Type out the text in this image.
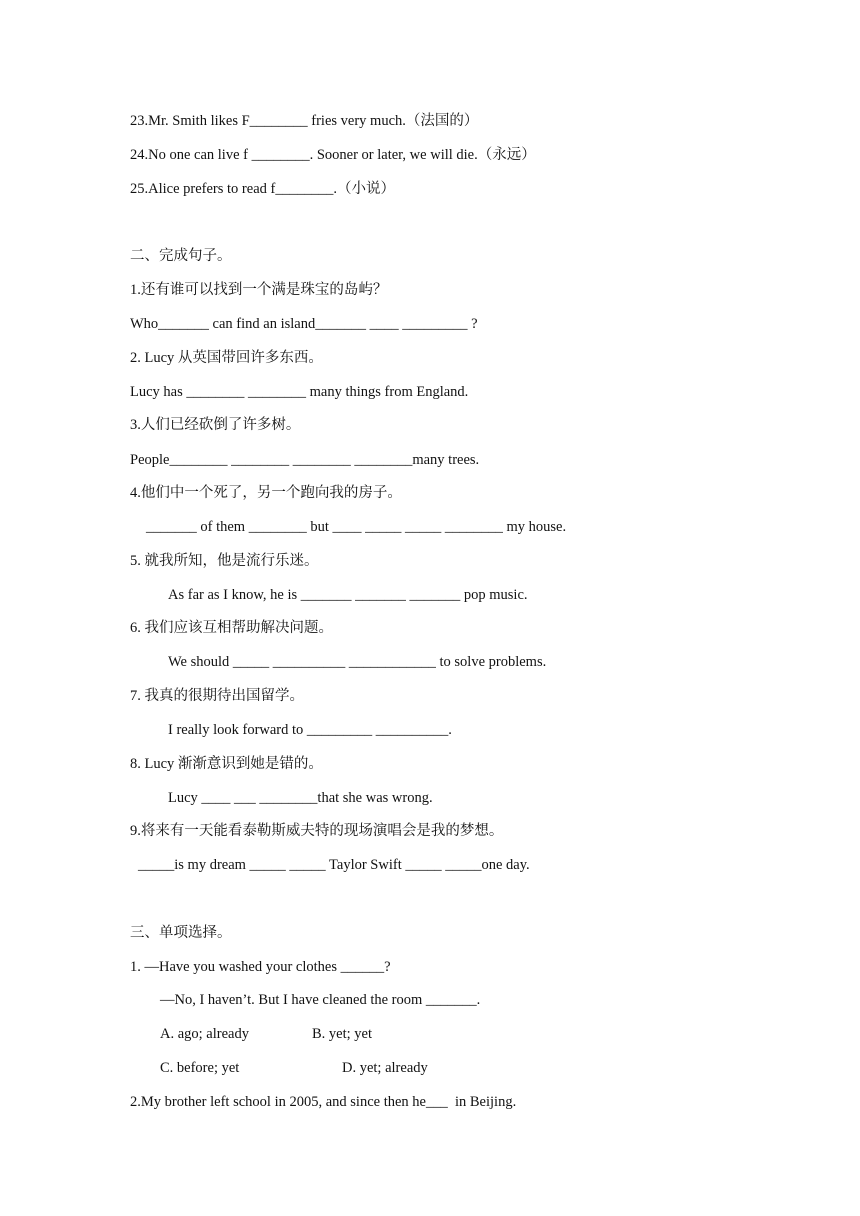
23.Mr. Smith likes F________ fries very much.（法国的）
24.No one can live f ________. Sooner or later, we will die.（永远）
25.Alice prefers to read f________.（小说）
二、完成句子。
1.还有谁可以找到一个满是珠宝的岛屿？
Who_______ can find an island_______ ____ _________ ?
2. Lucy 从英国带回许多东西。
Lucy has ________ ________ many things from England.
3.人们已经砍倒了许多树。
People________ ________ ________ ________many trees.
4.他们中一个死了，另一个跑向我的房子。
_______ of them ________ but ____ _____ _____ ________ my house.
5. 就我所知，他是流行乐迷。
As far as I know, he is _______ _______ _______ pop music.
6. 我们应该互相帮助解决问题。
We should _____ __________ ____________ to solve problems.
7. 我真的很期待出国留学。
I really look forward to _________ __________.
8. Lucy 渐渐意识到她是错的。
Lucy ____ ___ ________that she was wrong.
9.将来有一天能看泰勒斯威夫特的现场演唱会是我的梦想。
_____is my dream _____ _____ Taylor Swift _____ _____one day.
三、单项选择。
1. —Have you washed your clothes ______?
—No, I haven’t. But I have cleaned the room _______.
A. ago; already	B. yet; yet
C. before; yet	D. yet; already
2.My brother left school in 2005, and since then he___  in Beijing.
